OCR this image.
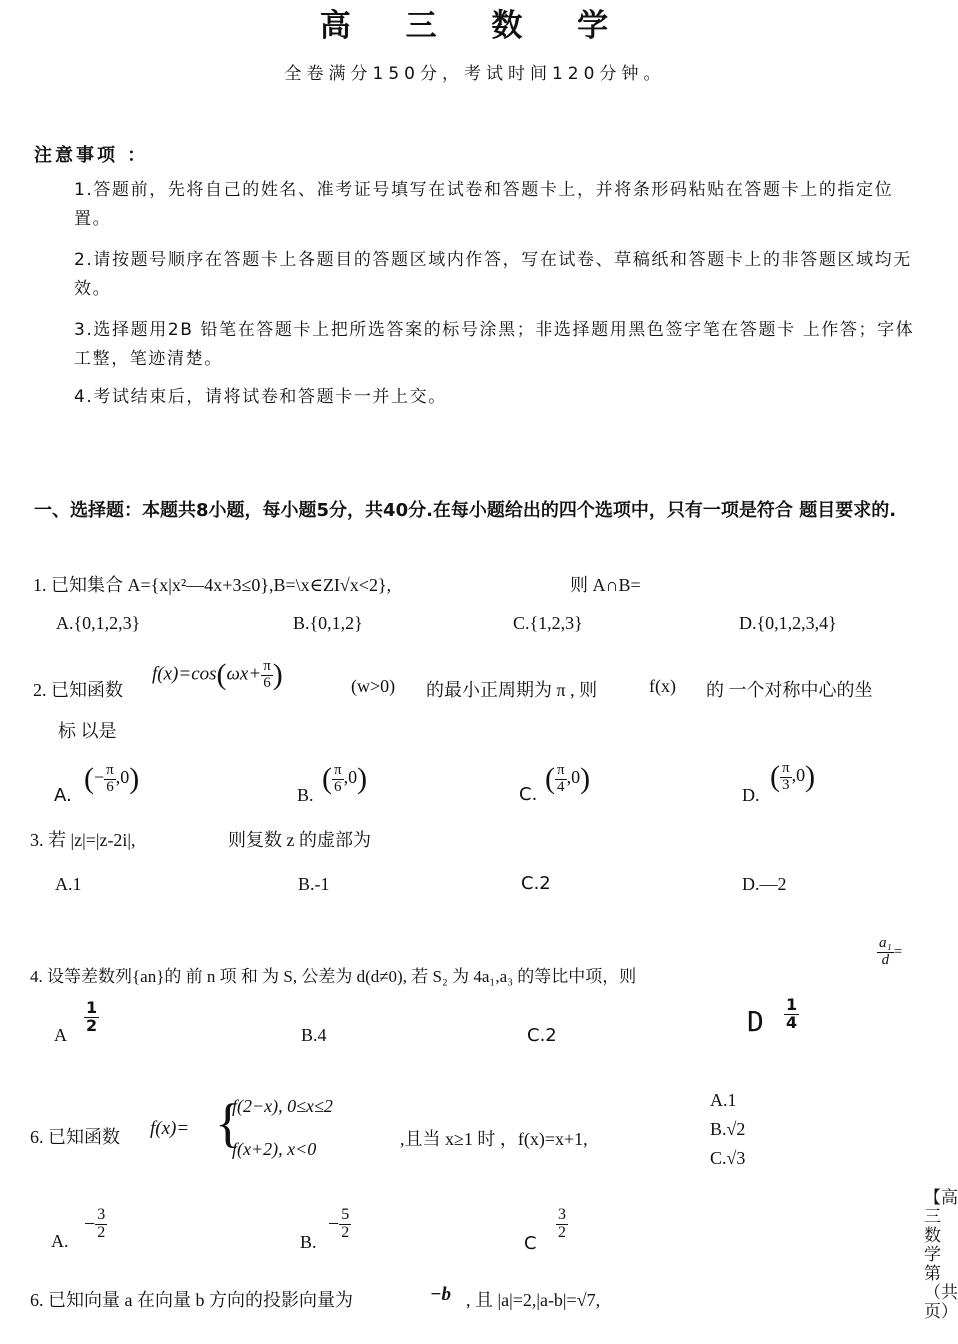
高 三 数 学
全卷满分150分，考试时间120分钟。
注意事项 ：
1.答题前，先将自己的姓名、准考证号填写在试卷和答题卡上，并将条形码粘贴在答题卡上的指定位置。
2.请按题号顺序在答题卡上各题目的答题区域内作答，写在试卷、草稿纸和答题卡上的非答题区域均无效。
3.选择题用2B 铅笔在答题卡上把所选答案的标号涂黑；非选择题用黑色签字笔在答题卡 上作答；字体工整，笔迹清楚。
4.考试结束后，请将试卷和答题卡一并上交。
一、选择题：本题共8小题，每小题5分，共40分.在每小题给出的四个选项中，只有一项是符合 题目要求的.
1. 已知集合 A={x|x²—4x+3≤0},B=\x∈ZI√x<2},	则 A∩B=
A.{0,1,2,3}	B.{0,1,2}	C.{1,2,3}	D.{0,1,2,3,4}
2. 已知函数
$f(x)=\cos(\omega x+ \frac{\pi}{6}$ )	(w>0) 的最小正周期为 π , 则	f(x) 的 一个对称中心的坐
标 以是
A.
(− $\frac{\pi}{6} ,0$)	B. ( $\frac{\pi}{6} ,0$)	C. ( $\frac{\pi}{4} ,0$)	D.
( $\frac{\pi}{3} ,0$)
3. 若 |z|=|z-2i|,	则复数 z 的虚部为
A.1	B.-1	C.2	D.—2
4. 设等差数列{an}的 前 n 项 和 为 S, 公差为 d(d≠0), 若 S₂ 为 4a₁,a₃ 的等比中项，则
$\frac{\text{a₁}}{d}$ =
A
$\frac{1}{2}$
B.4	C.2	D $\frac{1}{4}$
6. 已知函数 f(x)= {
f(2−x), 0≤x≤2
f(x+2), x<0	,且当 x≥1 时 ，f(x)=x+1,
A.1
B.√2
C.√3
A.
− $\frac{3}{2}$
B.
− $\frac{5}{2}$
C
$\frac{3}{2}$
6. 已知向量 a 在向量 b 方向的投影向量为	−b , 且 |a|=2,|a-b|=√7,
【高三数学第（共页）
